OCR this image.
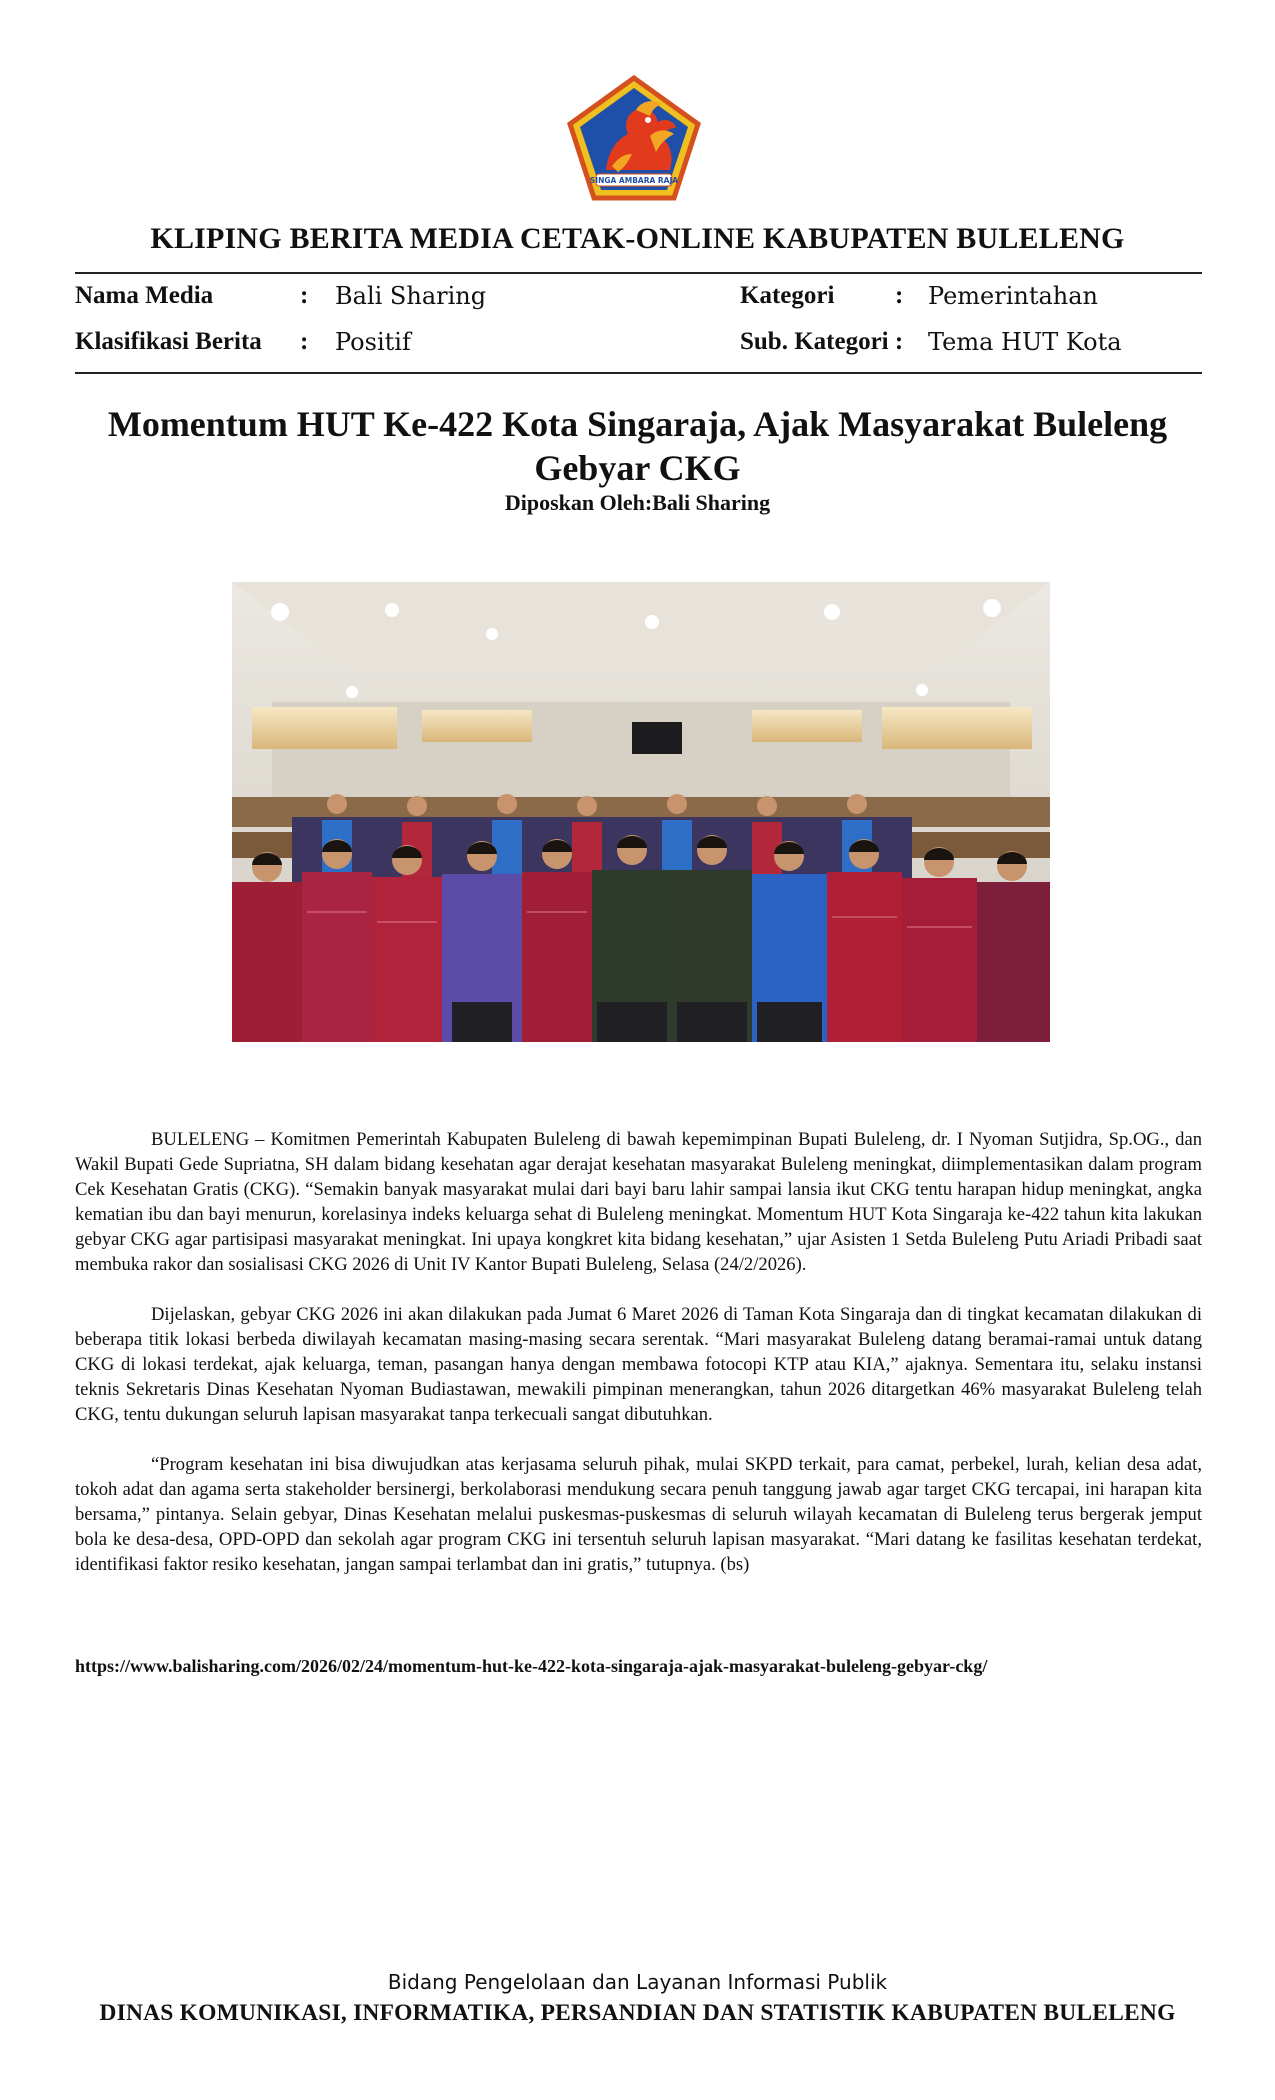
SINGA AMBARA RAJA
KLIPING BERITA MEDIA CETAK-ONLINE KABUPATEN BULELENG
Nama Media	: Bali Sharing
Klasifikasi Berita : Positif
Kategori : Pemerintahan
Sub. Kategori : Tema HUT Kota
Momentum HUT Ke-422 Kota Singaraja, Ajak Masyarakat Buleleng Gebyar CKG
Diposkan Oleh:Bali Sharing

BULELENG – Komitmen Pemerintah Kabupaten Buleleng di bawah kepemimpinan Bupati Buleleng, dr. I Nyoman Sutjidra, Sp.OG., dan Wakil Bupati Gede Supriatna, SH dalam bidang kesehatan agar derajat kesehatan masyarakat Buleleng meningkat, diimplementasikan dalam program Cek Kesehatan Gratis (CKG). “Semakin banyak masyarakat mulai dari bayi baru lahir sampai lansia ikut CKG tentu harapan hidup meningkat, angka kematian ibu dan bayi menurun, korelasinya indeks keluarga sehat di Buleleng meningkat. Momentum HUT Kota Singaraja ke-422 tahun kita lakukan gebyar CKG agar partisipasi masyarakat meningkat. Ini upaya kongkret kita bidang kesehatan,” ujar Asisten 1 Setda Buleleng Putu Ariadi Pribadi saat membuka rakor dan sosialisasi CKG 2026 di Unit IV Kantor Bupati Buleleng, Selasa (24/2/2026).

Dijelaskan, gebyar CKG 2026 ini akan dilakukan pada Jumat 6 Maret 2026 di Taman Kota Singaraja dan di tingkat kecamatan dilakukan di beberapa titik lokasi berbeda diwilayah kecamatan masing-masing secara serentak. “Mari masyarakat Buleleng datang beramai-ramai untuk datang CKG di lokasi terdekat, ajak keluarga, teman, pasangan hanya dengan membawa fotocopi KTP atau KIA,” ajaknya. Sementara itu, selaku instansi teknis Sekretaris Dinas Kesehatan Nyoman Budiastawan, mewakili pimpinan menerangkan, tahun 2026 ditargetkan 46% masyarakat Buleleng telah CKG, tentu dukungan seluruh lapisan masyarakat tanpa terkecuali sangat dibutuhkan.

“Program kesehatan ini bisa diwujudkan atas kerjasama seluruh pihak, mulai SKPD terkait, para camat, perbekel, lurah, kelian desa adat, tokoh adat dan agama serta stakeholder bersinergi, berkolaborasi mendukung secara penuh tanggung jawab agar target CKG tercapai, ini harapan kita bersama,” pintanya. Selain gebyar, Dinas Kesehatan melalui puskesmas-puskesmas di seluruh wilayah kecamatan di Buleleng terus bergerak jemput bola ke desa-desa, OPD-OPD dan sekolah agar program CKG ini tersentuh seluruh lapisan masyarakat. “Mari datang ke fasilitas kesehatan terdekat, identifikasi faktor resiko kesehatan, jangan sampai terlambat dan ini gratis,” tutupnya. (bs)

https://www.balisharing.com/2026/02/24/momentum-hut-ke-422-kota-singaraja-ajak-masyarakat-buleleng-gebyar-ckg/
Bidang Pengelolaan dan Layanan Informasi Publik
DINAS KOMUNIKASI, INFORMATIKA, PERSANDIAN DAN STATISTIK KABUPATEN BULELENG
